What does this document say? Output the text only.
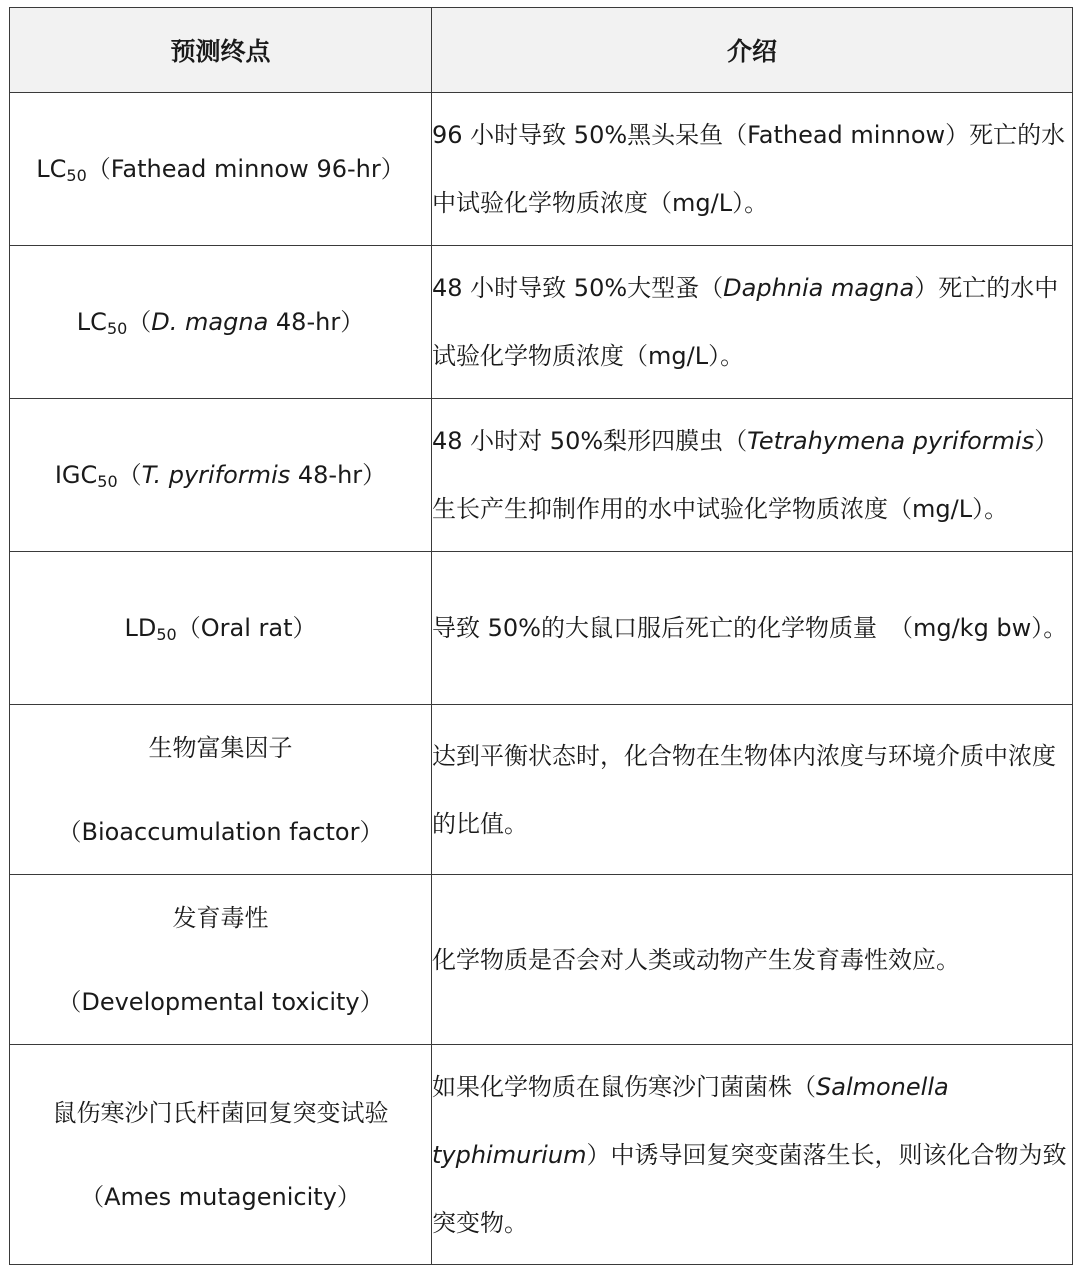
预测终点	介绍
$LC_{50}(Fathead$ minnow 96-hr）	96 小时导致 50%黑头呆鱼（Fathead minnow）死亡的水中试验化学物质浓度（mg/L）。
$LC_{50}(D$. magna 48-hr）	48 小时导致 50%大型蚤（Daphnia magna）死亡的水中试验化学物质浓度（mg/L）。
$IGC_{50}(T$. pyriformis 48-hr）	48 小时对 50%梨形四膜虫（Tetrahymena pyriformis）生长产生抑制作用的水中试验化学物质浓度（mg/L）。
$LD_{50}(Oral$ rat）	导致 50%的大鼠口服后死亡的化学物质量　（mg/kg bw）。

生物富集因子
（Bioaccumulation factor）	达到平衡状态时，化合物在生物体内浓度与环境介质中浓度的比值。

发育毒性
（Developmental toxicity）	化学物质是否会对人类或动物产生发育毒性效应。

鼠伤寒沙门氏杆菌回复突变试验
（Ames mutagenicity）	如果化学物质在鼠伤寒沙门菌菌株（Salmonella typhimurium）中诱导回复突变菌落生长，则该化合物为致突变物。
